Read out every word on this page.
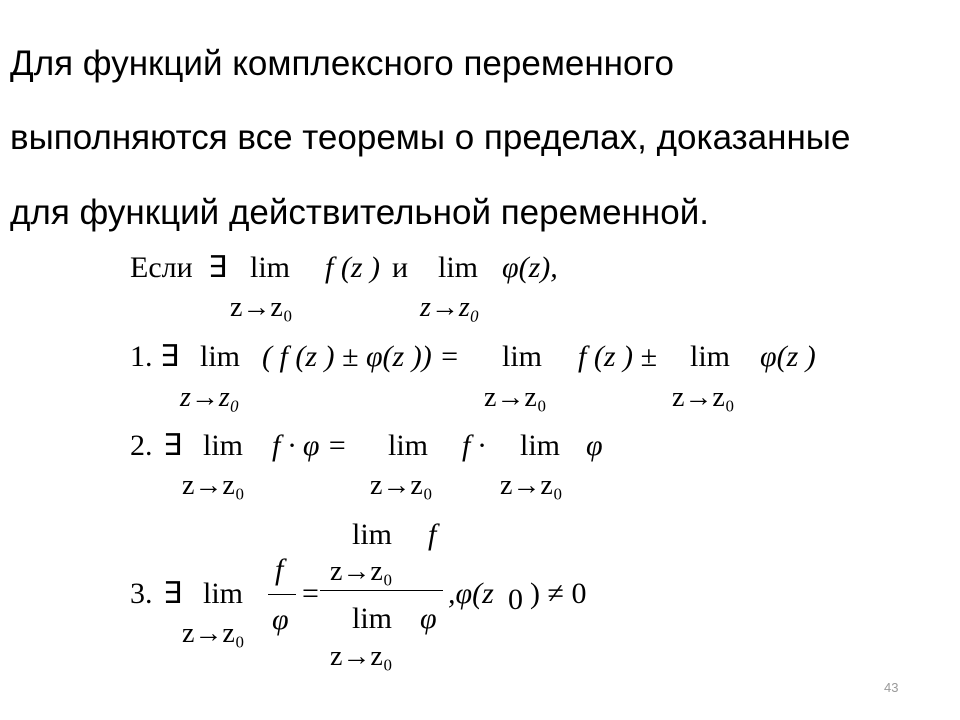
Для функций комплексного переменного

выполняются все теоремы о пределах, доказанные

для функций действительной переменной.

Если ∃ lim f (z ) и lim φ(z),
z→z₀	z→z₀
1. ∃ lim ( f (z ) ± φ(z )) = lim f (z ) ± lim φ(z )
z→z₀	z→z₀	z→z₀
2. ∃ lim f · φ = lim f · lim φ
z→z₀	z→z₀ z→z₀
3. ∃ lim
z→z₀
f
φ
=
lim f
z→z₀
lim φ
z→z₀
,φ(z 0 ) ≠ 0
43
